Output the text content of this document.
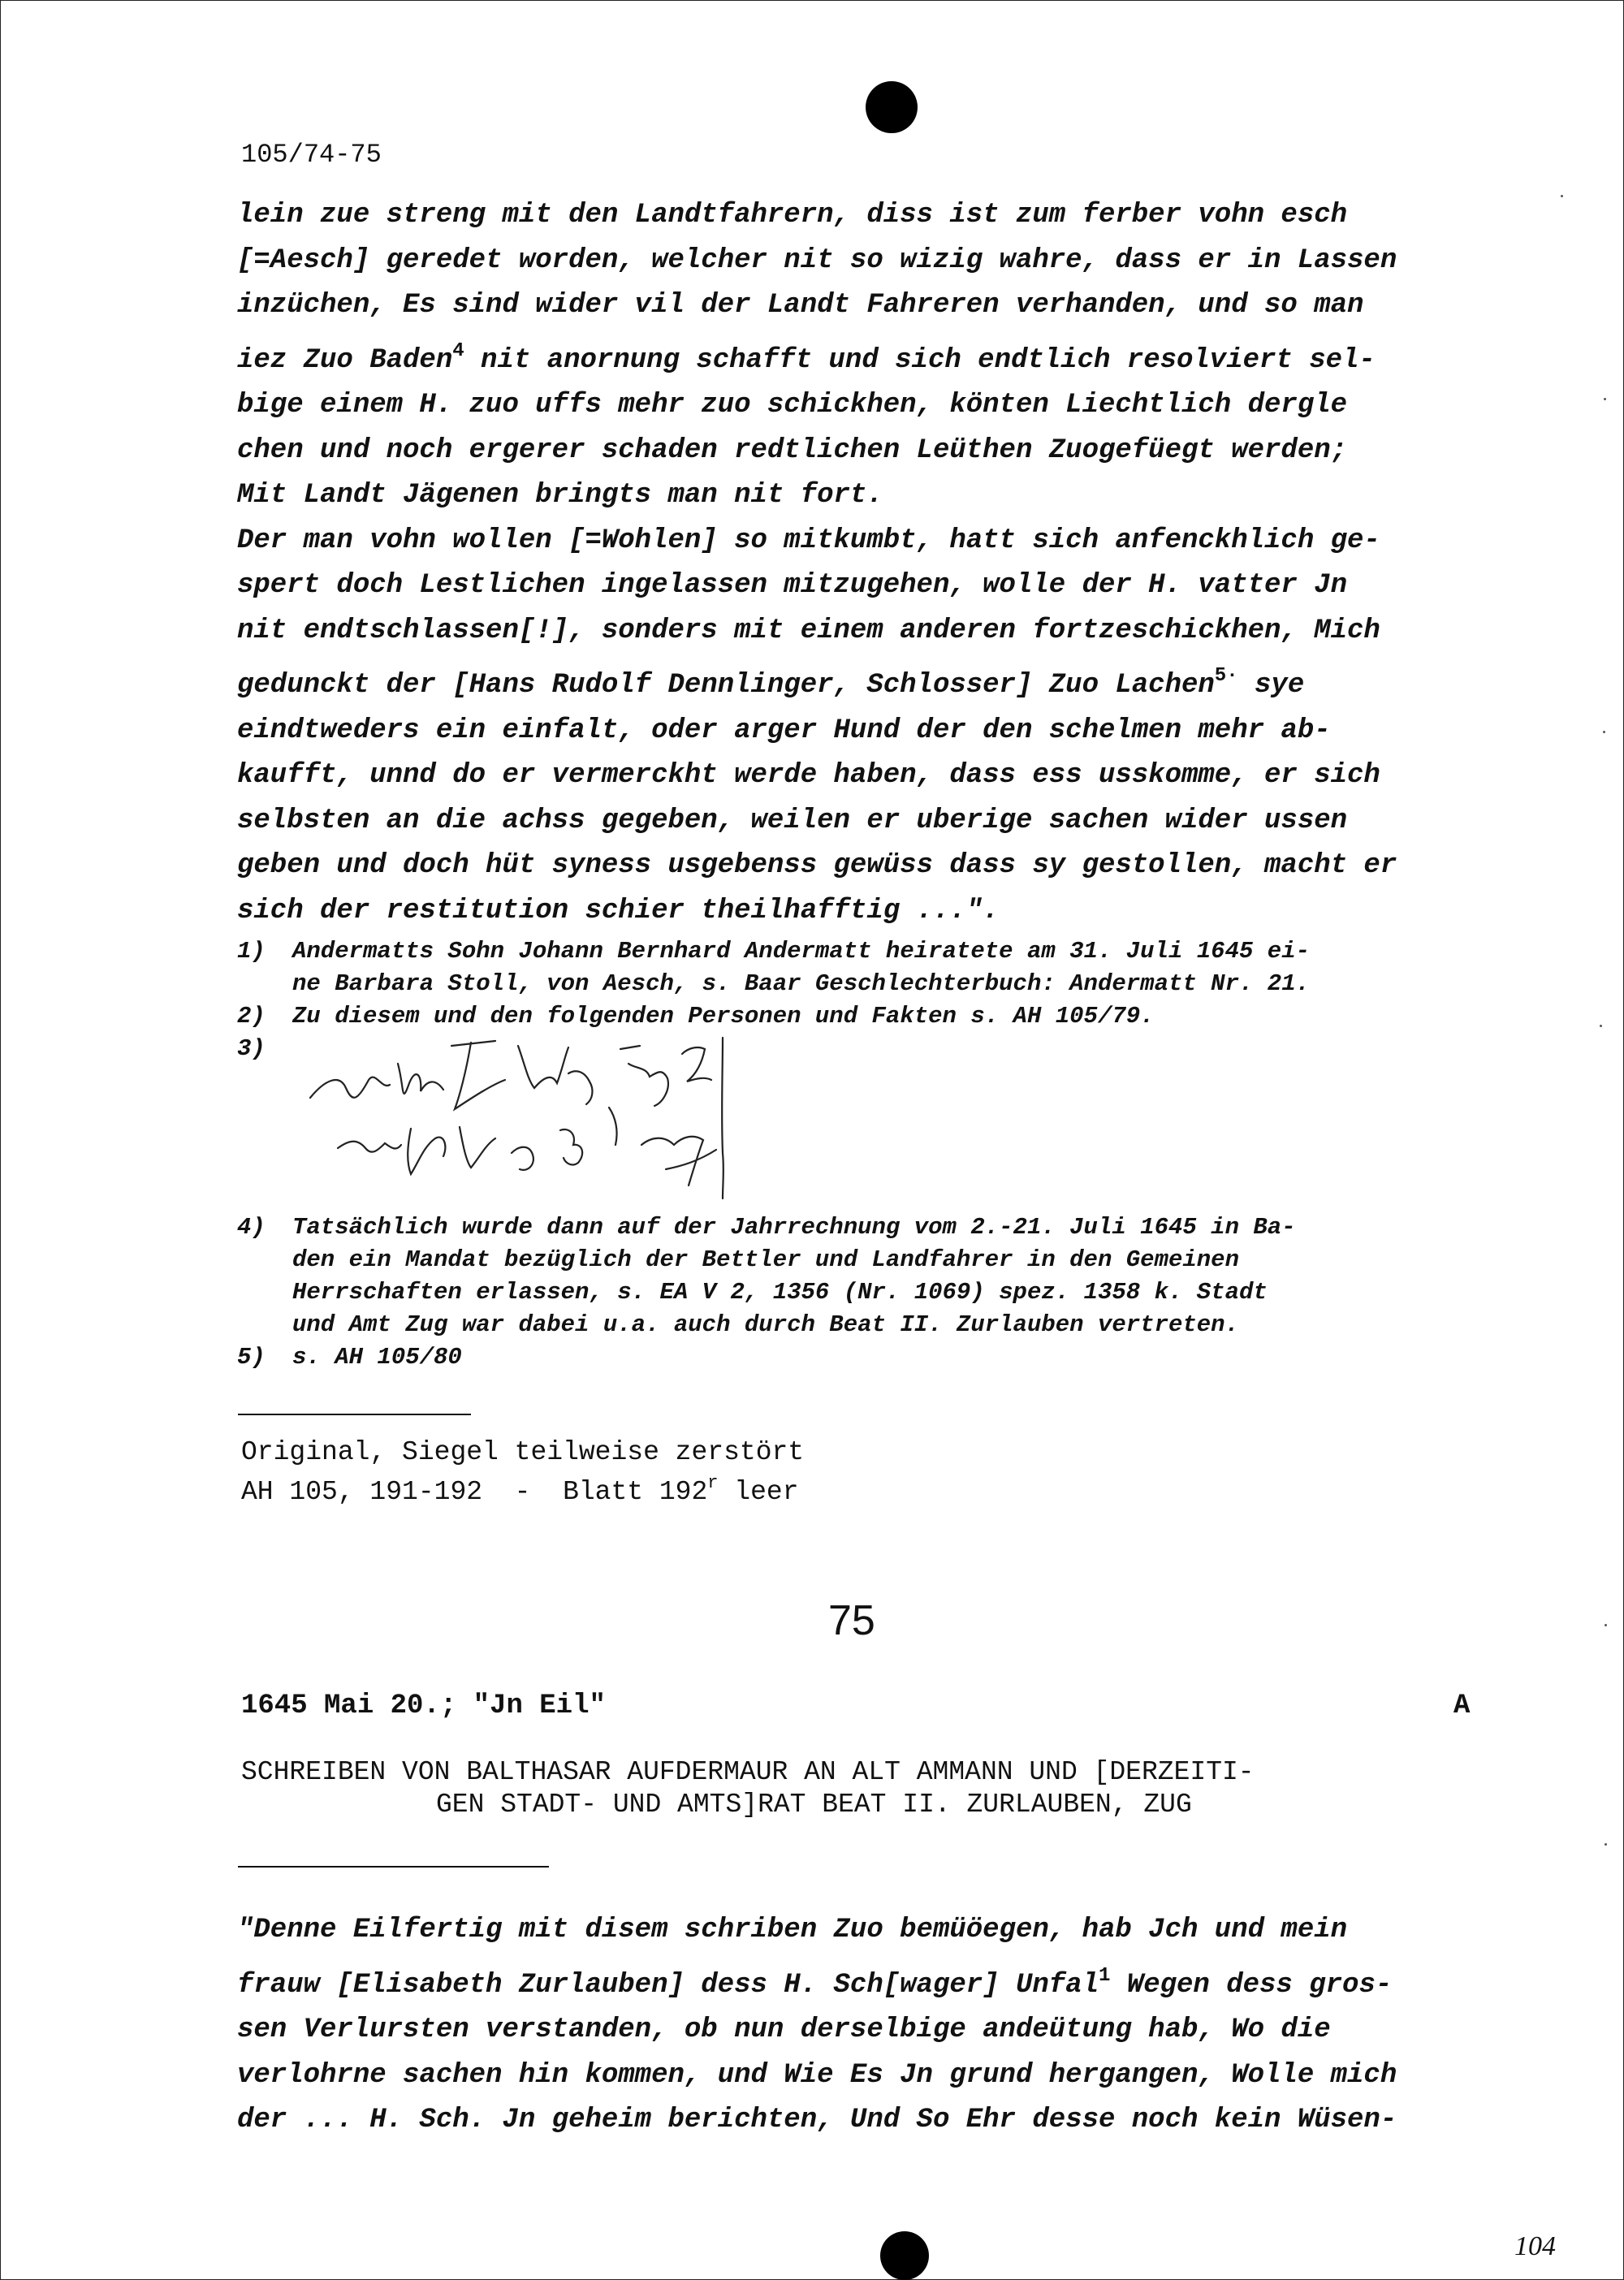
105/74-75
lein zue streng mit den Landtfahrern, diss ist zum ferber vohn esch
[=Aesch] geredet worden, welcher nit so wizig wahre, dass er in Lassen
inzüchen, Es sind wider vil der Landt Fahreren verhanden, und so man
iez Zuo Baden$^4$ nit anornung schafft und sich endtlich resolviert sel-
bige einem H. zuo uffs mehr zuo schickhen, könten Liechtlich dergle
chen und noch ergerer schaden redtlichen Leüthen Zuogefüegt werden;
Mit Landt Jägenen bringts man nit fort.
Der man vohn wollen [=Wohlen] so mitkumbt, hatt sich anfenckhlich ge-
spert doch Lestlichen ingelassen mitzugehen, wolle der H. vatter Jn
nit endtschlassen[!], sonders mit einem anderen fortzeschickhen, Mich
gedunckt der [Hans Rudolf Dennlinger, Schlosser] Zuo Lachen$^{5\cdot}$ sye
eindtweders ein einfalt, oder arger Hund der den schelmen mehr ab-
kaufft, unnd do er vermerckht werde haben, dass ess usskomme, er sich
selbsten an die achss gegeben, weilen er uberige sachen wider ussen
geben und doch hüt syness usgebenss gewüss dass sy gestollen, macht er
sich der restitution schier theilhafftig ...".
1)	Andermatts Sohn Johann Bernhard Andermatt heiratete am 31. Juli 1645 ei-
ne Barbara Stoll, von Aesch, s. Baar Geschlechterbuch: Andermatt Nr. 21.
2)	Zu diesem und den folgenden Personen und Fakten s. AH 105/79.
3)
4)	Tatsächlich wurde dann auf der Jahrrechnung vom 2.-21. Juli 1645 in Ba-
den ein Mandat bezüglich der Bettler und Landfahrer in den Gemeinen
Herrschaften erlassen, s. EA V 2, 1356 (Nr. 1069) spez. 1358 k. Stadt
und Amt Zug war dabei u.a. auch durch Beat II. Zurlauben vertreten.
5)	s. AH 105/80
Original, Siegel teilweise zerstört
AH 105, 191-192  -  Blatt 192$^r$ leer
75
1645 Mai 20.; "Jn Eil"	A
SCHREIBEN VON BALTHASAR AUFDERMAUR AN ALT AMMANN UND [DERZEITI-
GEN STADT- UND AMTS]RAT BEAT II. ZURLAUBEN, ZUG
"Denne Eilfertig mit disem schriben Zuo bemüöegen, hab Jch und mein
frauw [Elisabeth Zurlauben] dess H. Sch[wager] Unfal$^1$ Wegen dess gros-
sen Verlursten verstanden, ob nun derselbige andeütung hab, Wo die
verlohrne sachen hin kommen, und Wie Es Jn grund hergangen, Wolle mich
der ... H. Sch. Jn geheim berichten, Und So Ehr desse noch kein Wüsen-
104
